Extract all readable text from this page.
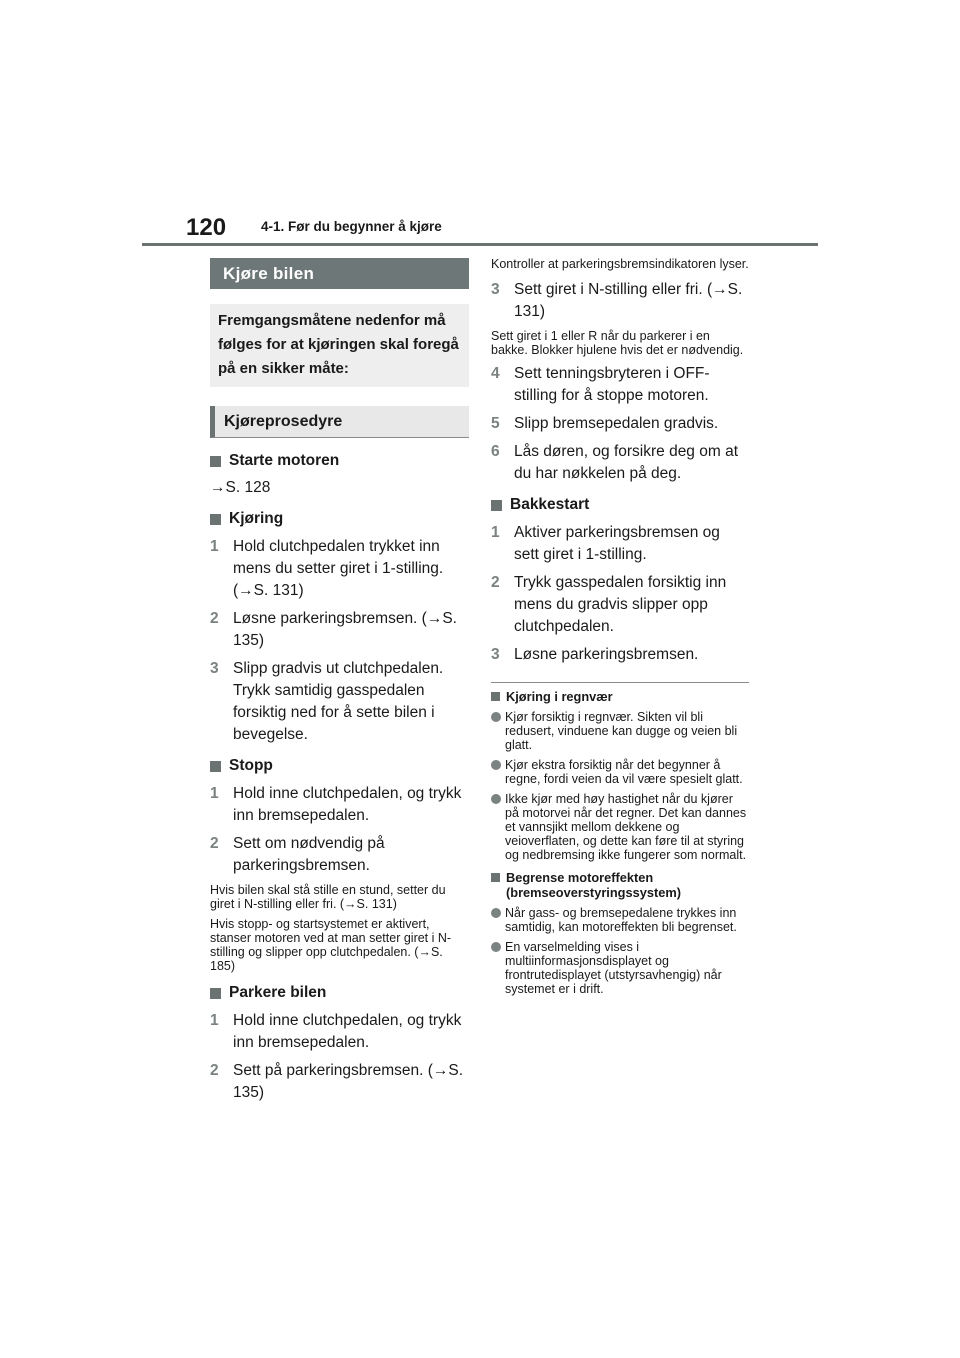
120	4-1. Før du begynner å kjøre
Kjøre bilen
Fremgangsmåtene nedenfor må følges for at kjøringen skal foregå på en sikker måte:
Kjøreprosedyre
Starte motoren
→S. 128
Kjøring
1 Hold clutchpedalen trykket inn mens du setter giret i 1-stilling. (→S. 131)
2 Løsne parkeringsbremsen. (→S. 135)
3 Slipp gradvis ut clutchpedalen. Trykk samtidig gasspedalen forsiktig ned for å sette bilen i bevegelse.
Stopp
1 Hold inne clutchpedalen, og trykk inn bremsepedalen.
2 Sett om nødvendig på parkeringsbremsen.
Hvis bilen skal stå stille en stund, setter du giret i N-stilling eller fri. (→S. 131)
Hvis stopp- og startsystemet er aktivert, stanser motoren ved at man setter giret i N-stilling og slipper opp clutchpedalen. (→S. 185)
Parkere bilen
1 Hold inne clutchpedalen, og trykk inn bremsepedalen.
2 Sett på parkeringsbremsen. (→S. 135)
Kontroller at parkeringsbremsindikatoren lyser.
3 Sett giret i N-stilling eller fri. (→S. 131)
Sett giret i 1 eller R når du parkerer i en bakke. Blokker hjulene hvis det er nødvendig.
4 Sett tenningsbryteren i OFF-stilling for å stoppe motoren.
5 Slipp bremsepedalen gradvis.
6 Lås døren, og forsikre deg om at du har nøkkelen på deg.
Bakkestart
1 Aktiver parkeringsbremsen og sett giret i 1-stilling.
2 Trykk gasspedalen forsiktig inn mens du gradvis slipper opp clutchpedalen.
3 Løsne parkeringsbremsen.
Kjøring i regnvær
Kjør forsiktig i regnvær. Sikten vil bli redusert, vinduene kan dugge og veien bli glatt.
Kjør ekstra forsiktig når det begynner å regne, fordi veien da vil være spesielt glatt.
Ikke kjør med høy hastighet når du kjører på motorvei når det regner. Det kan dannes et vannsjikt mellom dekkene og veioverflaten, og dette kan føre til at styring og nedbremsing ikke fungerer som normalt.
Begrense motoreffekten (bremseoverstyringssystem)
Når gass- og bremsepedalene trykkes inn samtidig, kan motoreffekten bli begrenset.
En varselmelding vises i multiinformasjonsdisplayet og frontrutedisplayet (utstyrsavhengig) når systemet er i drift.
